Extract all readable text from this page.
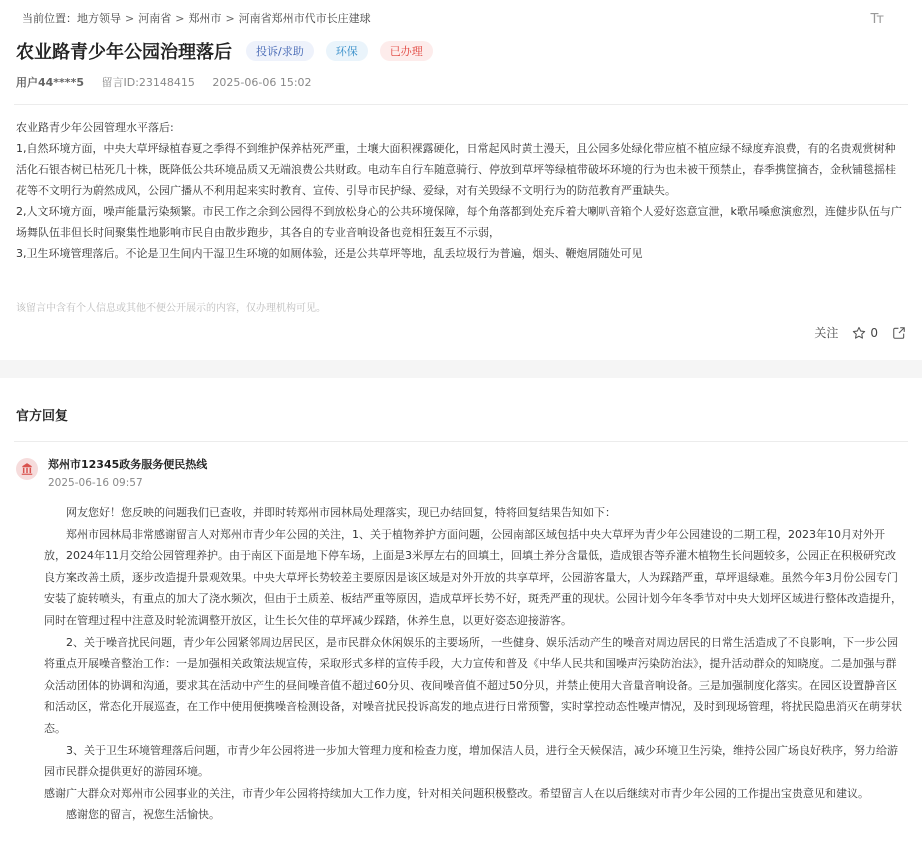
当前位置： 地方领导 > 河南省 > 郑州市 > 河南省郑州市代市长庄建球	Tт
农业路青少年公园治理落后	投诉/求助	环保	已办理
用户44****5 留言ID:23148415 2025-06-06 15:02

农业路青少年公园管理水平落后:

1,自然环境方面，中央大草坪绿植春夏之季得不到维护保养枯死严重，土壤大面积裸露硬化，日常起风时黄土漫天，且公园多处绿化带应植不植应绿不绿度弃浪费，有的名贵观赏树种活化石银杏树已枯死几十株，既降低公共环境品质又无端浪费公共财政。电动车自行车随意骑行、停放到草坪等绿植带破坏环境的行为也未被干预禁止，春季携筐摘杏，金秋铺毯摇桂花等不文明行为蔚然成风，公园广播从不利用起来实时教育、宣传、引导市民护绿、爱绿，对有关毁绿不文明行为的防范教育严重缺失。

2,人文环境方面，噪声能量污染频繁。市民工作之余到公园得不到放松身心的公共环境保障，每个角落都到处充斥着大喇叭音箱个人爱好恣意宣泄，k歌吊嗓愈演愈烈，连健步队伍与广场舞队伍非但长时间聚集性地影响市民自由散步跑步，其各自的专业音响设备也竞相狂轰互不示弱，

3,卫生环境管理落后。不论是卫生间内干湿卫生环境的如厕体验，还是公共草坪等地，乱丢垃圾行为普遍，烟头、鞭炮屑随处可见

该留言中含有个人信息或其他不便公开展示的内容，仅办理机构可见。
关注	0
官方回复
郑州市12345政务服务便民热线
2025-06-16 09:57

网友您好！您反映的问题我们已查收，并即时转郑州市园林局处理落实，现已办结回复，特将回复结果告知如下：

郑州市园林局非常感谢留言人对郑州市青少年公园的关注，1、关于植物养护方面问题，公园南部区域包括中央大草坪为青少年公园建设的二期工程，2023年10月对外开放，2024年11月交给公园管理养护。由于南区下面是地下停车场，上面是3米厚左右的回填土，回填土养分含量低，造成银杏等乔灌木植物生长问题较多，公园正在积极研究改良方案改善土质，逐步改造提升景观效果。中央大草坪长势较差主要原因是该区域是对外开放的共享草坪，公园游客量大，人为踩踏严重，草坪退绿难。虽然今年3月份公园专门安装了旋转喷头，有重点的加大了浇水频次，但由于土质差、板结严重等原因，造成草坪长势不好，斑秃严重的现状。公园计划今年冬季节对中央大划坪区域进行整体改造提升，同时在管理过程中注意及时轮流调整开放区，让生长欠佳的草坪减少踩踏，休养生息，以更好姿态迎接游客。

2、关于噪音扰民问题，青少年公园紧邻周边居民区，是市民群众休闲娱乐的主要场所，一些健身、娱乐活动产生的噪音对周边居民的日常生活造成了不良影响，下一步公园将重点开展噪音整治工作：一是加强相关政策法规宣传，采取形式多样的宣传手段，大力宣传和普及《中华人民共和国噪声污染防治法》，提升活动群众的知晓度。二是加强与群众活动团体的协调和沟通，要求其在活动中产生的昼间噪音值不超过60分贝、夜间噪音值不超过50分贝，并禁止使用大音量音响设备。三是加强制度化落实。在园区设置静音区和活动区，常态化开展巡查，在工作中使用便携噪音检测设备，对噪音扰民投诉高发的地点进行日常预警，实时掌控动态性噪声情况，及时到现场管理，将扰民隐患消灭在萌芽状态。

3、关于卫生环境管理落后问题，市青少年公园将进一步加大管理力度和检查力度，增加保洁人员，进行全天候保洁，减少环境卫生污染，维持公园广场良好秩序，努力给游园市民群众提供更好的游园环境。

感谢广大群众对郑州市公园事业的关注，市青少年公园将持续加大工作力度，针对相关问题积极整改。希望留言人在以后继续对市青少年公园的工作提出宝贵意见和建议。

感谢您的留言，祝您生活愉快。
